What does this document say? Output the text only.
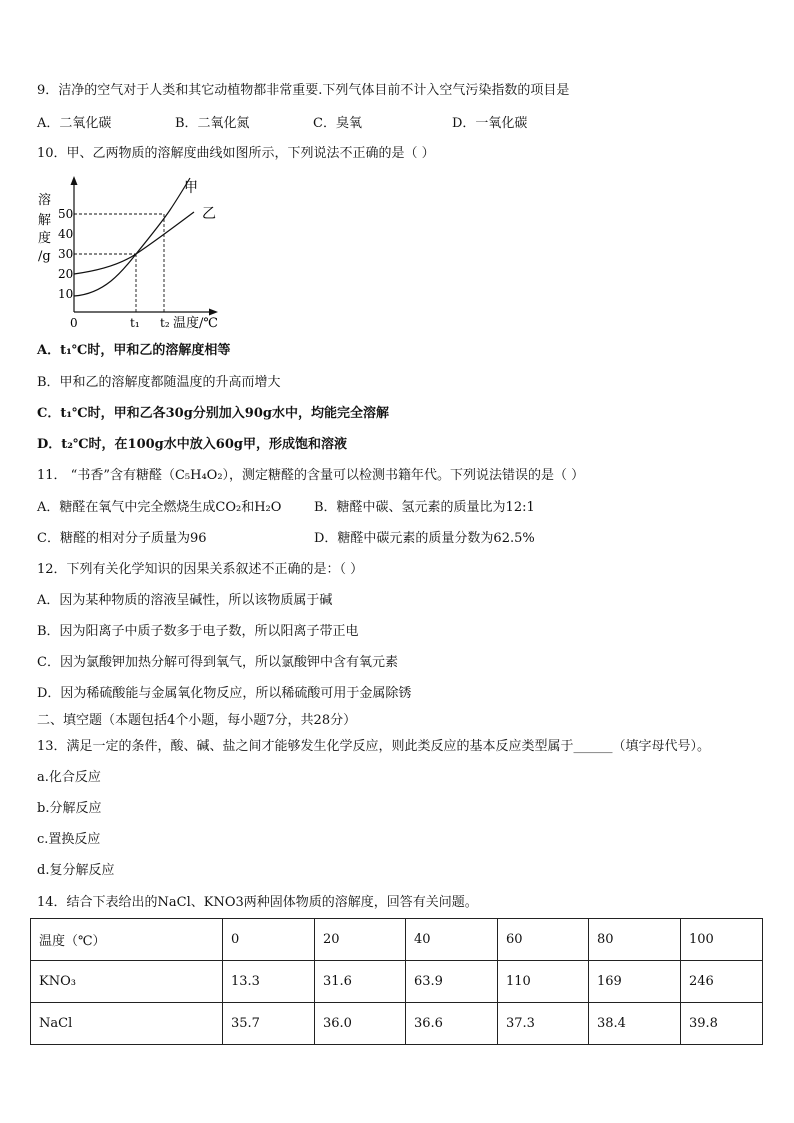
9．洁净的空气对于人类和其它动植物都非常重要.下列气体目前不计入空气污染指数的项目是
A．二氧化碳	B．二氧化氮	C．臭氧	D．一氧化碳
10．甲、乙两物质的溶解度曲线如图所示，下列说法不正确的是（ ）
溶
解
度
/g
甲
乙
10
20
30
40
50
0	t₁ t₂ 温度/℃
A．t₁℃时，甲和乙的溶解度相等
B．甲和乙的溶解度都随温度的升高而增大
C．t₁℃时，甲和乙各30g分别加入90g水中，均能完全溶解
D．t₂℃时，在100g水中放入60g甲，形成饱和溶液
11． “书香”含有糖醛（C₅H₄O₂），测定糖醛的含量可以检测书籍年代。下列说法错误的是（ ）
A．糖醛在氧气中完全燃烧生成CO₂和H₂O	B．糖醛中碳、氢元素的质量比为12:1
C．糖醛的相对分子质量为96	D．糖醛中碳元素的质量分数为62.5%
12．下列有关化学知识的因果关系叙述不正确的是：（ ）
A．因为某种物质的溶液呈碱性，所以该物质属于碱
B．因为阳离子中质子数多于电子数，所以阳离子带正电
C．因为氯酸钾加热分解可得到氧气，所以氯酸钾中含有氧元素
D．因为稀硫酸能与金属氧化物反应，所以稀硫酸可用于金属除锈
二、填空题（本题包括4个小题，每小题7分，共28分）
13．满足一定的条件，酸、碱、盐之间才能够发生化学反应，则此类反应的基本反应类型属于______（填字母代号）。
a.化合反应
b.分解反应
c.置换反应
d.复分解反应
14．结合下表给出的NaCl、KNO3两种固体物质的溶解度，回答有关问题。
温度（℃）	0	20	40	60	80	100
KNO₃	13.3	31.6	63.9	110	169	246
NaCl	35.7	36.0	36.6	37.3	38.4	39.8
